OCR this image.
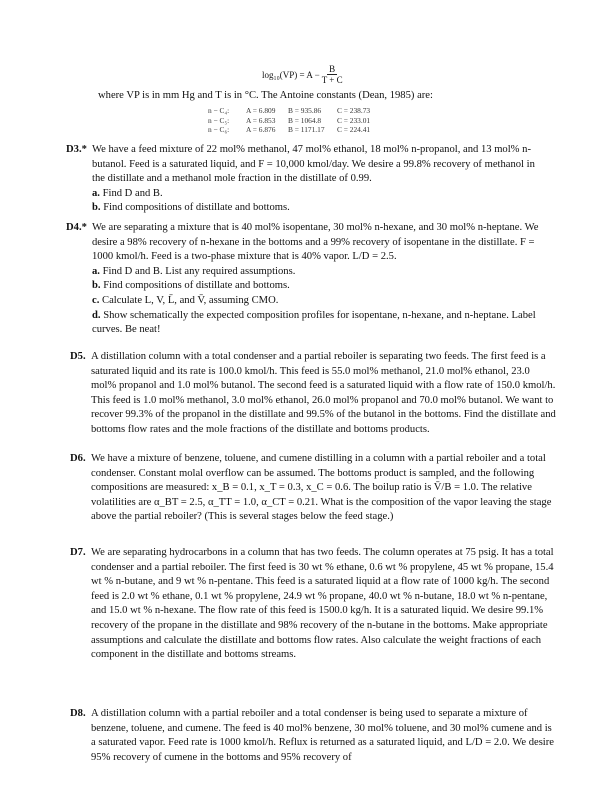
$\log_{10}(VP) = A - \frac{B}{T + C}$
where VP is in mm Hg and T is in °C. The Antoine constants (Dean, 1985) are:
n − C₄:	A = 6.809	B = 935.86	C = 238.73
n − C₅:	A = 6.853	B = 1064.8	C = 233.01
n − C₆:	A = 6.876	B = 1171.17	C = 224.41
D3.* We have a feed mixture of 22 mol% methanol, 47 mol% ethanol, 18 mol% n-propanol, and 13 mol% n-butanol. Feed is a saturated liquid, and F = 10,000 kmol/day. We desire a 99.8% recovery of methanol in the distillate and a methanol mole fraction in the distillate of 0.99.
a. Find D and B.
b. Find compositions of distillate and bottoms.
D4.* We are separating a mixture that is 40 mol% isopentane, 30 mol% n-hexane, and 30 mol% n-heptane. We desire a 98% recovery of n-hexane in the bottoms and a 99% recovery of isopentane in the distillate. F = 1000 kmol/h. Feed is a two-phase mixture that is 40% vapor. L/D = 2.5.
a. Find D and B. List any required assumptions.
b. Find compositions of distillate and bottoms.
c. Calculate L, V, L̄, and V̄, assuming CMO.
d. Show schematically the expected composition profiles for isopentane, n-hexane, and n-heptane. Label curves. Be neat!
D5. A distillation column with a total condenser and a partial reboiler is separating two feeds. The first feed is a saturated liquid and its rate is 100.0 kmol/h. This feed is 55.0 mol% methanol, 21.0 mol% ethanol, 23.0 mol% propanol and 1.0 mol% butanol. The second feed is a saturated liquid with a flow rate of 150.0 kmol/h. This feed is 1.0 mol% methanol, 3.0 mol% ethanol, 26.0 mol% propanol and 70.0 mol% butanol. We want to recover 99.3% of the propanol in the distillate and 99.5% of the butanol in the bottoms. Find the distillate and bottoms flow rates and the mole fractions of the distillate and bottoms products.
D6. We have a mixture of benzene, toluene, and cumene distilling in a column with a partial reboiler and a total condenser. Constant molal overflow can be assumed. The bottoms product is sampled, and the following compositions are measured: x_B = 0.1, x_T = 0.3, x_C = 0.6. The boilup ratio is V̄/B = 1.0. The relative volatilities are α_BT = 2.5, α_TT = 1.0, α_CT = 0.21. What is the composition of the vapor leaving the stage above the partial reboiler? (This is several stages below the feed stage.)
D7. We are separating hydrocarbons in a column that has two feeds. The column operates at 75 psig. It has a total condenser and a partial reboiler. The first feed is 30 wt % ethane, 0.6 wt % propylene, 45 wt % propane, 15.4 wt % n-butane, and 9 wt % n-pentane. This feed is a saturated liquid at a flow rate of 1000 kg/h. The second feed is 2.0 wt % ethane, 0.1 wt % propylene, 24.9 wt % propane, 40.0 wt % n-butane, 18.0 wt % n-pentane, and 15.0 wt % n-hexane. The flow rate of this feed is 1500.0 kg/h. It is a saturated liquid. We desire 99.1% recovery of the propane in the distillate and 98% recovery of the n-butane in the bottoms. Make appropriate assumptions and calculate the distillate and bottoms flow rates. Also calculate the weight fractions of each component in the distillate and bottoms streams.
D8. A distillation column with a partial reboiler and a total condenser is being used to separate a mixture of benzene, toluene, and cumene. The feed is 40 mol% benzene, 30 mol% toluene, and 30 mol% cumene and is a saturated vapor. Feed rate is 1000 kmol/h. Reflux is returned as a saturated liquid, and L/D = 2.0. We desire 95% recovery of cumene in the bottoms and 95% recovery of
